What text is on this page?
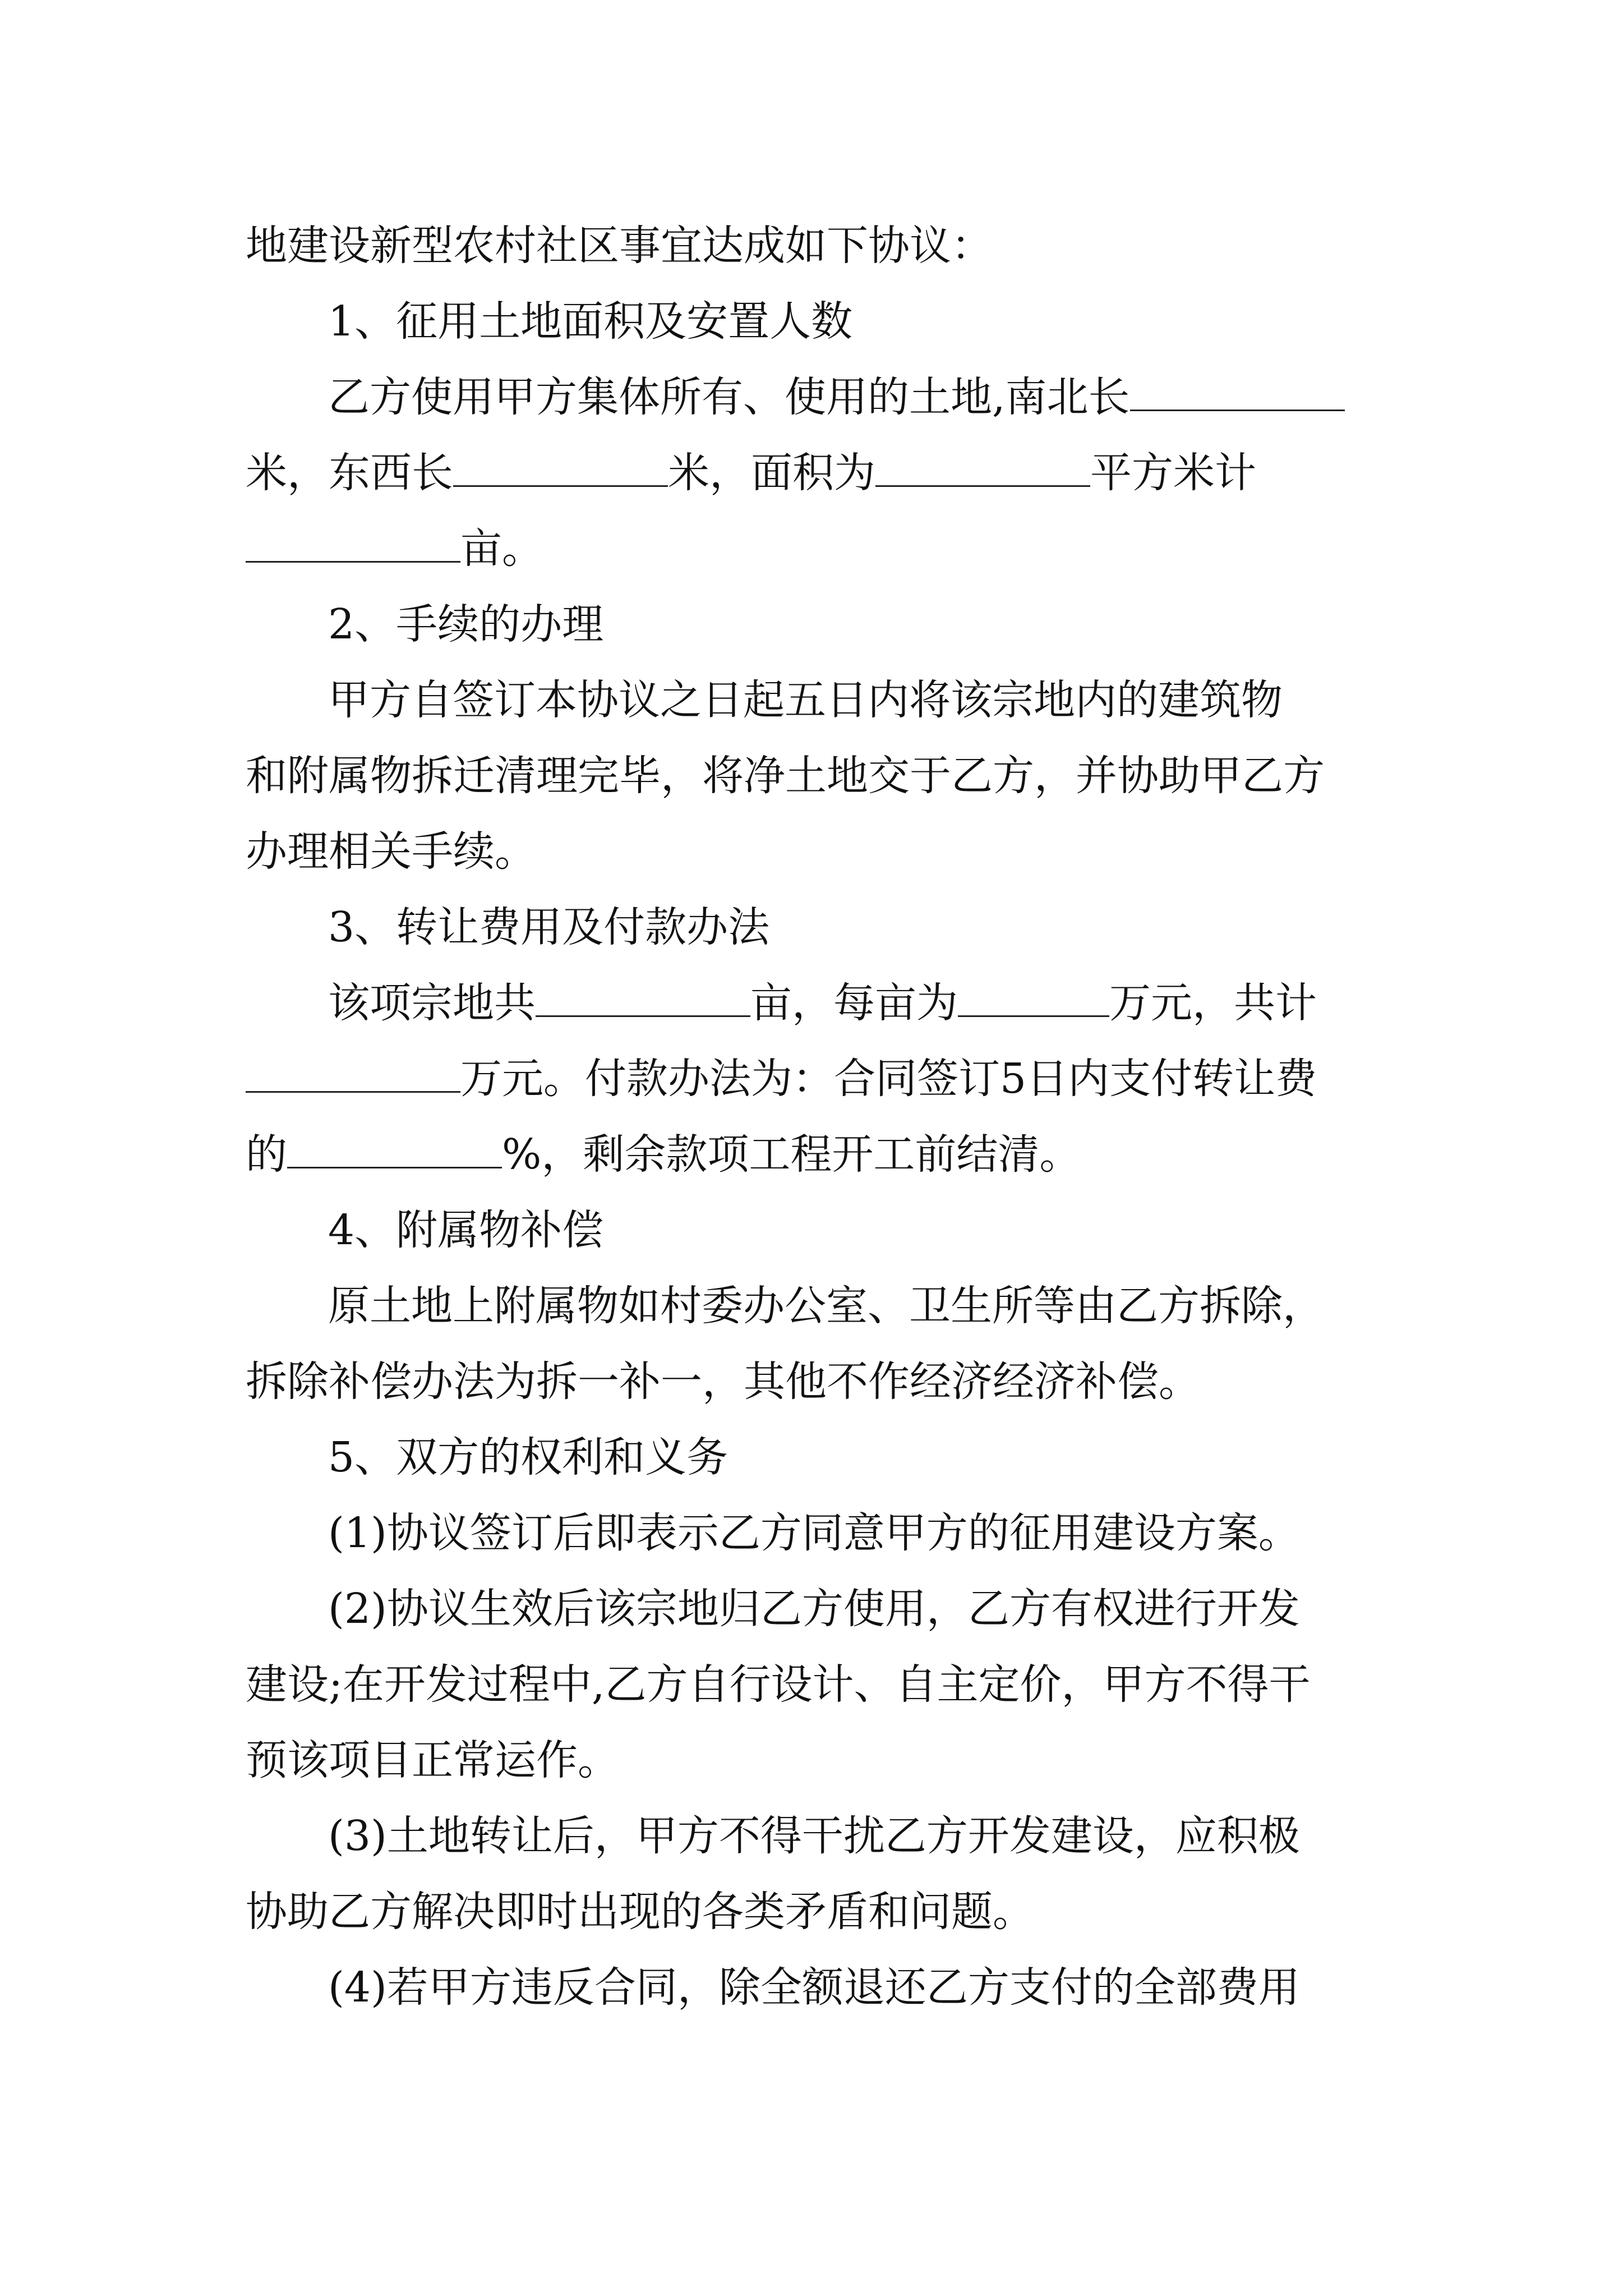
地建设新型农村社区事宜达成如下协议：
1、征用土地面积及安置人数
乙方使用甲方集体所有、使用的土地,南北长
米，东西长	米，面积为	平方米计
亩。
2、手续的办理
甲方自签订本协议之日起五日内将该宗地内的建筑物
和附属物拆迁清理完毕，将净土地交于乙方，并协助甲乙方
办理相关手续。
3、转让费用及付款办法
该项宗地共	亩，每亩为	万元，共计
万元。付款办法为：合同签订5日内支付转让费
的	%，剩余款项工程开工前结清。
4、附属物补偿
原土地上附属物如村委办公室、卫生所等由乙方拆除，
拆除补偿办法为拆一补一，其他不作经济经济补偿。
5、双方的权利和义务
(1)协议签订后即表示乙方同意甲方的征用建设方案。
(2)协议生效后该宗地归乙方使用，乙方有权进行开发
建设;在开发过程中,乙方自行设计、自主定价，甲方不得干
预该项目正常运作。
(3)土地转让后，甲方不得干扰乙方开发建设，应积极
协助乙方解决即时出现的各类矛盾和问题。
(4)若甲方违反合同，除全额退还乙方支付的全部费用
